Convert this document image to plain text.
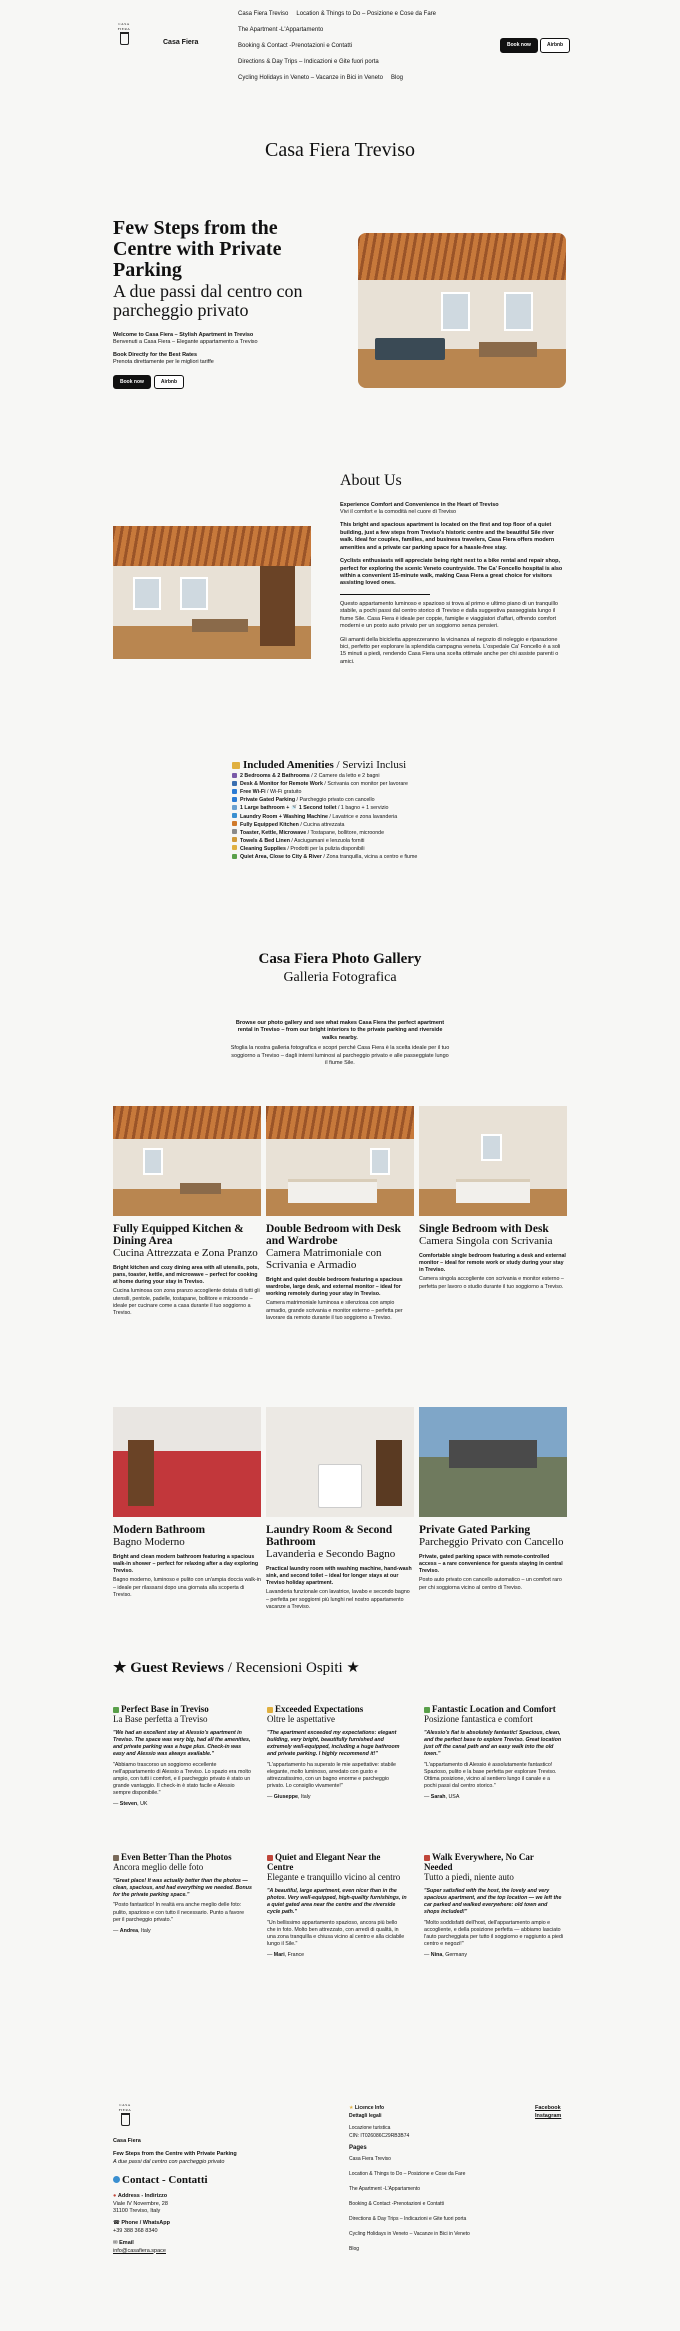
CASA FIERA
Casa Fiera
Casa Fiera Treviso Location & Things to Do – Posizione e Cose da Fare
The Apartment -L'Appartamento
Booking & Contact -Prenotazioni e Contatti
Directions & Day Trips – Indicazioni e Gite fuori porta
Cycling Holidays in Veneto – Vacanze in Bici in Veneto Blog
Book now	Airbnb
Casa Fiera Treviso
Few Steps from the Centre with Private Parking
A due passi dal centro con parcheggio privato
Welcome to Casa Fiera – Stylish Apartment in Treviso
Benvenuti a Casa Fiera – Elegante appartamento a Treviso
Book Directly for the Best Rates
Prenota direttamente per le migliori tariffe
Book now	Airbnb
About Us

Experience Comfort and Convenience in the Heart of Treviso
Vivi il comfort e la comodità nel cuore di Treviso

This bright and spacious apartment is located on the first and top floor of a quiet building, just a few steps from Treviso's historic centre and the beautiful Sile river walk. Ideal for couples, families, and business travelers, Casa Fiera offers modern amenities and a private car parking space for a hassle-free stay.

Cyclists enthusiasts will appreciate being right next to a bike rental and repair shop, perfect for exploring the scenic Veneto countryside. The Ca' Foncello hospital is also within a convenient 15-minute walk, making Casa Fiera a great choice for visitors assisting loved ones.

Questo appartamento luminoso e spazioso si trova al primo e ultimo piano di un tranquillo stabile, a pochi passi dal centro storico di Treviso e dalla suggestiva passeggiata lungo il fiume Sile. Casa Fiera è ideale per coppie, famiglie e viaggiatori d'affari, offrendo comfort moderni e un posto auto privato per un soggiorno senza pensieri.

Gli amanti della bicicletta apprezzeranno la vicinanza al negozio di noleggio e riparazione bici, perfetto per esplorare la splendida campagna veneta. L'ospedale Ca' Foncello è a soli 15 minuti a piedi, rendendo Casa Fiera una scelta ottimale anche per chi assiste parenti o amici.

Included Amenities / Servizi Inclusi
2 Bedrooms & 2 Bathrooms / 2 Camere da letto e 2 bagni
Desk & Monitor for Remote Work / Scrivania con monitor per lavorare
Free Wi-Fi / Wi-Fi gratuito
Private Gated Parking / Parcheggio privato con cancello
1 Large bathroom + 🚿 1 Second toilet / 1 bagno + 1 servizio
Laundry Room + Washing Machine / Lavatrice e zona lavanderia
Fully Equipped Kitchen / Cucina attrezzata
Toaster, Kettle, Microwave / Tostapane, bollitore, microonde
Towels & Bed Linen / Asciugamani e lenzuola forniti
Cleaning Supplies / Prodotti per la pulizia disponibili
Quiet Area, Close to City & River / Zona tranquilla, vicina a centro e fiume
Casa Fiera Photo Gallery
Galleria Fotografica

Browse our photo gallery and see what makes Casa Fiera the perfect apartment rental in Treviso – from our bright interiors to the private parking and riverside walks nearby.

Sfoglia la nostra galleria fotografica e scopri perché Casa Fiera è la scelta ideale per il tuo soggiorno a Treviso – dagli interni luminosi al parcheggio privato e alle passeggiate lungo il fiume Sile.

Fully Equipped Kitchen & Dining Area
Cucina Attrezzata e Zona Pranzo

Bright kitchen and cozy dining area with all utensils, pots, pans, toaster, kettle, and microwave – perfect for cooking at home during your stay in Treviso.

Cucina luminosa con zona pranzo accogliente dotata di tutti gli utensili, pentole, padelle, tostapane, bollitore e microonde – ideale per cucinare come a casa durante il tuo soggiorno a Treviso.

Double Bedroom with Desk and Wardrobe
Camera Matrimoniale con Scrivania e Armadio

Bright and quiet double bedroom featuring a spacious wardrobe, large desk, and external monitor – ideal for working remotely during your stay in Treviso.

Camera matrimoniale luminosa e silenziosa con ampio armadio, grande scrivania e monitor esterno – perfetta per lavorare da remoto durante il tuo soggiorno a Treviso.

Single Bedroom with Desk
Camera Singola con Scrivania

Comfortable single bedroom featuring a desk and external monitor – ideal for remote work or study during your stay in Treviso.

Camera singola accogliente con scrivania e monitor esterno – perfetta per lavoro o studio durante il tuo soggiorno a Treviso.

Modern Bathroom
Bagno Moderno

Bright and clean modern bathroom featuring a spacious walk-in shower – perfect for relaxing after a day exploring Treviso.

Bagno moderno, luminoso e pulito con un'ampia doccia walk-in – ideale per rilassarsi dopo una giornata alla scoperta di Treviso.

Laundry Room & Second Bathroom
Lavanderia e Secondo Bagno

Practical laundry room with washing machine, hand-wash sink, and second toilet – ideal for longer stays at our Treviso holiday apartment.

Lavanderia funzionale con lavatrice, lavabo e secondo bagno – perfetta per soggiorni più lunghi nel nostro appartamento vacanze a Treviso.

Private Gated Parking
Parcheggio Privato con Cancello

Private, gated parking space with remote-controlled access – a rare convenience for guests staying in central Treviso.

Posto auto privato con cancello automatico – un comfort raro per chi soggiorna vicino al centro di Treviso.

★ Guest Reviews / Recensioni Ospiti ★
Perfect Base in Treviso
La Base perfetta a Treviso

"We had an excellent stay at Alessio's apartment in Treviso. The space was very big, had all the amenities, and private parking was a huge plus. Check-in was easy and Alessio was always available."

"Abbiamo trascorso un soggiorno eccellente nell'appartamento di Alessio a Treviso. Lo spazio era molto ampio, con tutti i comfort, e il parcheggio privato è stato un grande vantaggio. Il check-in è stato facile e Alessio sempre disponibile."

— Steven, UK
Exceeded Expectations
Oltre le aspettative

"The apartment exceeded my expectations: elegant building, very bright, beautifully furnished and extremely well-equipped, including a huge bathroom and private parking. I highly recommend it!"

"L'appartamento ha superato le mie aspettative: stabile elegante, molto luminoso, arredato con gusto e attrezzatissimo, con un bagno enorme e parcheggio privato. Lo consiglio vivamente!"

— Giuseppe, Italy
Fantastic Location and Comfort
Posizione fantastica e comfort

"Alessio's flat is absolutely fantastic! Spacious, clean, and the perfect base to explore Treviso. Great location just off the canal path and an easy walk into the old town."

"L'appartamento di Alessio è assolutamente fantastico! Spazioso, pulito e la base perfetta per esplorare Treviso. Ottima posizione, vicino al sentiero lungo il canale e a pochi passi dal centro storico."

— Sarah, USA
Even Better Than the Photos
Ancora meglio delle foto

"Great place! It was actually better than the photos — clean, spacious, and had everything we needed. Bonus for the private parking space."

"Posto fantastico! In realtà era anche meglio delle foto: pulito, spazioso e con tutto il necessario. Punto a favore per il parcheggio privato."

— Andrea, Italy
Quiet and Elegant Near the Centre
Elegante e tranquillo vicino al centro

"A beautiful, large apartment, even nicer than in the photos. Very well-equipped, high-quality furnishings, in a quiet gated area near the centre and the riverside cycle path."

"Un bellissimo appartamento spazioso, ancora più bello che in foto. Molto ben attrezzato, con arredi di qualità, in una zona tranquilla e chiusa vicino al centro e alla ciclabile lungo il Sile."

— Mari, France
Walk Everywhere, No Car Needed
Tutto a piedi, niente auto

"Super satisfied with the host, the lovely and very spacious apartment, and the top location — we left the car parked and walked everywhere: old town and shops included!"

"Molto soddisfatti dell'host, dell'appartamento ampio e accogliente, e della posizione perfetta — abbiamo lasciato l'auto parcheggiata per tutto il soggiorno e raggiunto a piedi centro e negozi!"

— Nina, Germany
CASA FIERA
Casa Fiera
Few Steps from the Centre with Private Parking
A due passi dal centro con parcheggio privato
Contact - Contatti
● Address - Indirizzo
Viale IV Novembre, 28
31100 Treviso, Italy
☎ Phone / WhatsApp
+39 388 368 8340
✉ Email
info@casafiera.space
★ Licence Info
Dettagli legali
Locazione turistica
CIN: IT026086C29RB3B74
Pages
Casa Fiera Treviso
Location & Things to Do – Posizione e Cose da Fare
The Apartment -L'Appartamento
Booking & Contact -Prenotazioni e Contatti
Directions & Day Trips – Indicazioni e Gite fuori porta
Cycling Holidays in Veneto – Vacanze in Bici in Veneto
Blog
Facebook
Instagram
